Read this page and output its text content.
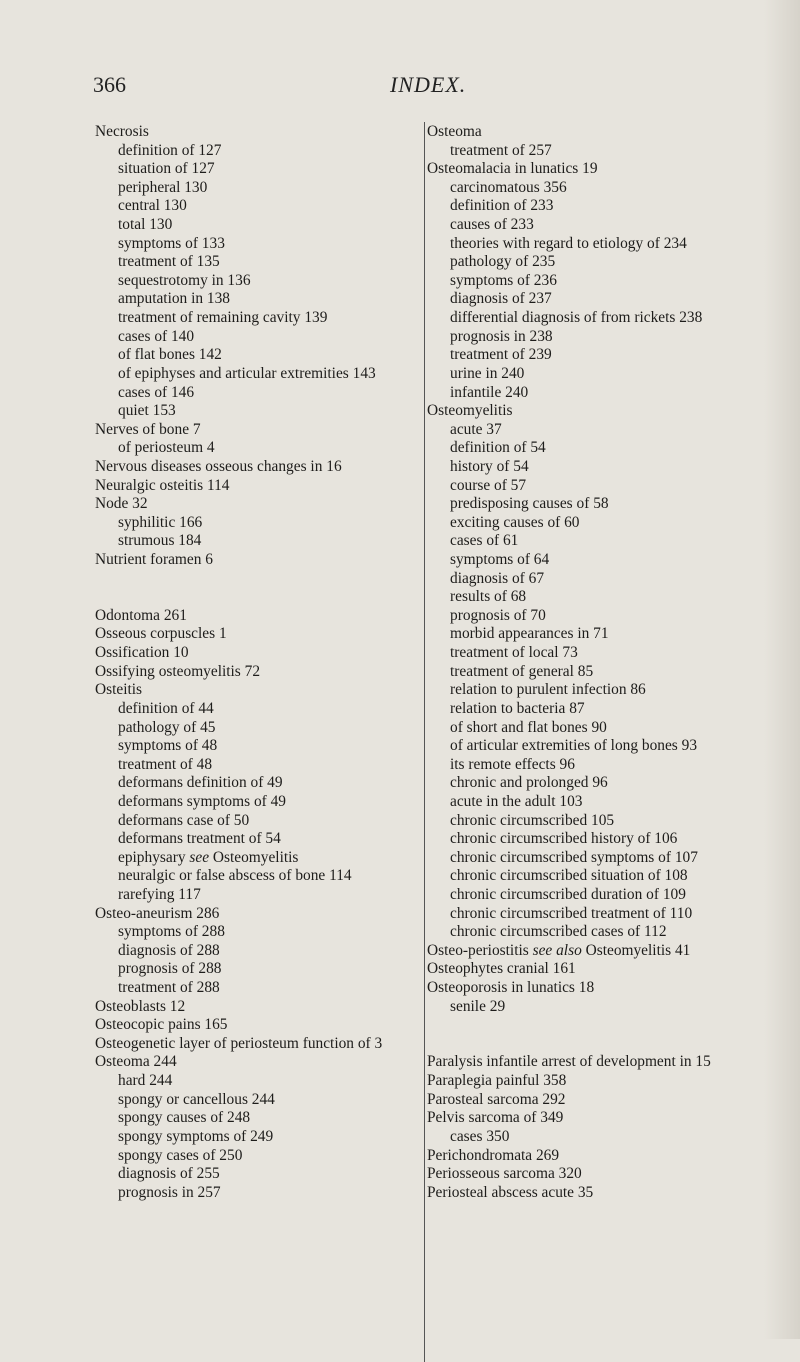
366	INDEX.
Necrosis
definition of 127
situation of 127
peripheral 130
central 130
total 130
symptoms of 133
treatment of 135
sequestrotomy in 136
amputation in 138
treatment of remaining cavity 139
cases of 140
of flat bones 142
of epiphyses and articular extremities 143
cases of 146
quiet 153
Nerves of bone 7
of periosteum 4
Nervous diseases osseous changes in 16
Neuralgic osteitis 114
Node 32
syphilitic 166
strumous 184
Nutrient foramen 6
Odontoma 261
Osseous corpuscles 1
Ossification 10
Ossifying osteomyelitis 72
Osteitis
definition of 44
pathology of 45
symptoms of 48
treatment of 48
deformans definition of 49
deformans symptoms of 49
deformans case of 50
deformans treatment of 54
epiphysary see Osteomyelitis
neuralgic or false abscess of bone 114
rarefying 117
Osteo-aneurism 286
symptoms of 288
diagnosis of 288
prognosis of 288
treatment of 288
Osteoblasts 12
Osteocopic pains 165
Osteogenetic layer of periosteum function of 3
Osteoma 244
hard 244
spongy or cancellous 244
spongy causes of 248
spongy symptoms of 249
spongy cases of 250
diagnosis of 255
prognosis in 257
Osteoma
treatment of 257
Osteomalacia in lunatics 19
carcinomatous 356
definition of 233
causes of 233
theories with regard to etiology of 234
pathology of 235
symptoms of 236
diagnosis of 237
differential diagnosis of from rickets 238
prognosis in 238
treatment of 239
urine in 240
infantile 240
Osteomyelitis
acute 37
definition of 54
history of 54
course of 57
predisposing causes of 58
exciting causes of 60
cases of 61
symptoms of 64
diagnosis of 67
results of 68
prognosis of 70
morbid appearances in 71
treatment of local 73
treatment of general 85
relation to purulent infection 86
relation to bacteria 87
of short and flat bones 90
of articular extremities of long bones 93
its remote effects 96
chronic and prolonged 96
acute in the adult 103
chronic circumscribed 105
chronic circumscribed history of 106
chronic circumscribed symptoms of 107
chronic circumscribed situation of 108
chronic circumscribed duration of 109
chronic circumscribed treatment of 110
chronic circumscribed cases of 112
Osteo-periostitis see also Osteomyelitis 41
Osteophytes cranial 161
Osteoporosis in lunatics 18
senile 29
Paralysis infantile arrest of development in 15
Paraplegia painful 358
Parosteal sarcoma 292
Pelvis sarcoma of 349
cases 350
Perichondromata 269
Periosseous sarcoma 320
Periosteal abscess acute 35
